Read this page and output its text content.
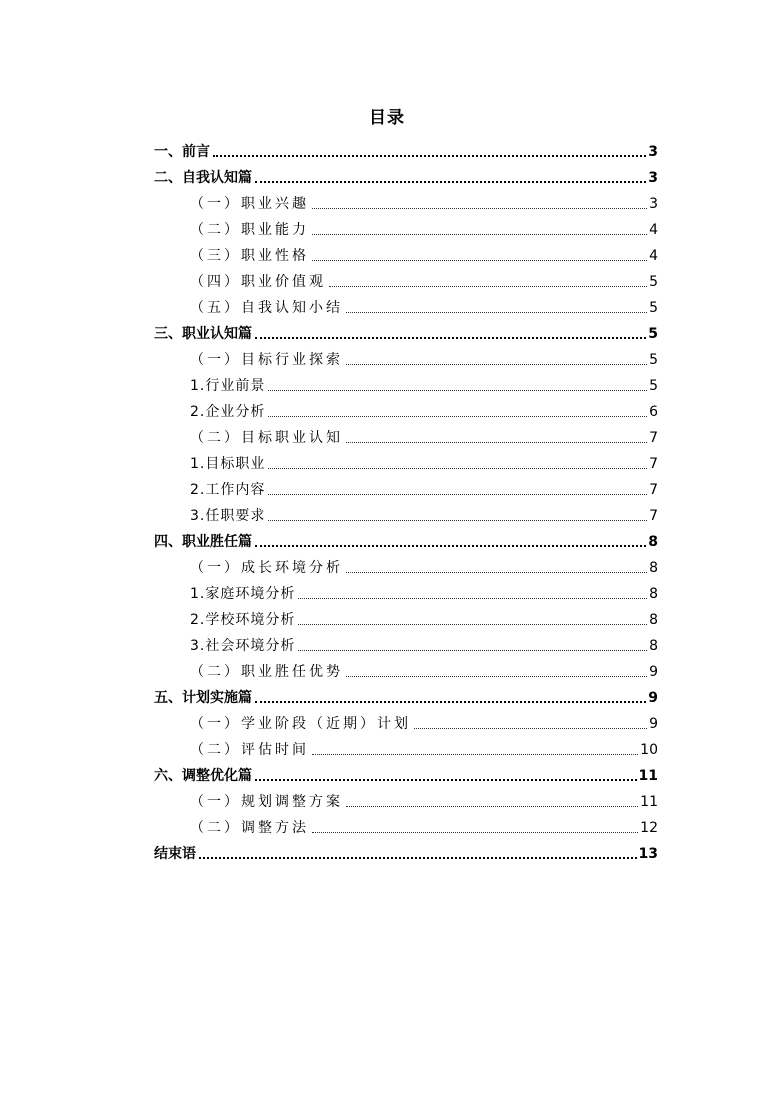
目录
一、前言	3
二、自我认知篇	3
（一）职业兴趣	3
（二）职业能力	4
（三）职业性格	4
（四）职业价值观	5
（五）自我认知小结	5
三、职业认知篇	5
（一）目标行业探索	5
1.行业前景	5
2.企业分析	6
（二）目标职业认知	7
1.目标职业	7
2.工作内容	7
3.任职要求	7
四、职业胜任篇	8
（一）成长环境分析	8
1.家庭环境分析	8
2.学校环境分析	8
3.社会环境分析	8
（二）职业胜任优势	9
五、计划实施篇	9
（一）学业阶段（近期）计划	9
（二）评估时间	10
六、调整优化篇	11
（一）规划调整方案	11
（二）调整方法	12
结束语	13
